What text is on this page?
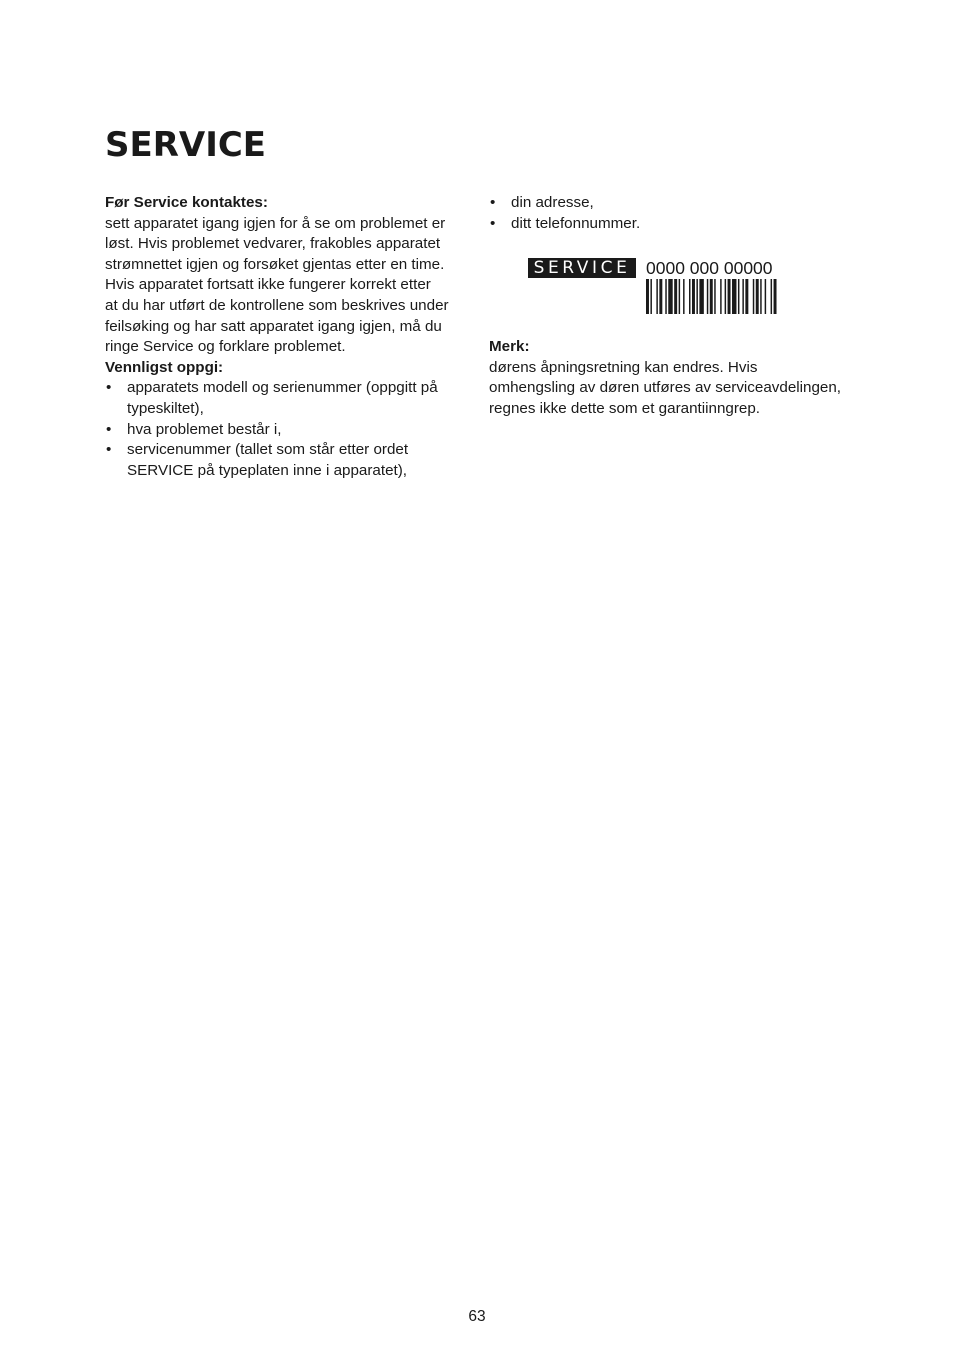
SERVICE
Før Service kontaktes:
sett apparatet igang igjen for å se om problemet er
løst. Hvis problemet vedvarer, frakobles apparatet
strømnettet igjen og forsøket gjentas etter en time.
Hvis apparatet fortsatt ikke fungerer korrekt etter
at du har utført de kontrollene som beskrives under
feilsøking og har satt apparatet igang igjen, må du
ringe Service og forklare problemet.
Vennligst oppgi:
• apparatets modell og serienummer (oppgitt på
typeskiltet),
• hva problemet består i,
• servicenummer (tallet som står etter ordet
SERVICE på typeplaten inne i apparatet),
• din adresse,
• ditt telefonnummer.
SERVICE 0000 000 00000
Merk:
dørens åpningsretning kan endres. Hvis
omhengsling av døren utføres av serviceavdelingen,
regnes ikke dette som et garantiinngrep.
63
